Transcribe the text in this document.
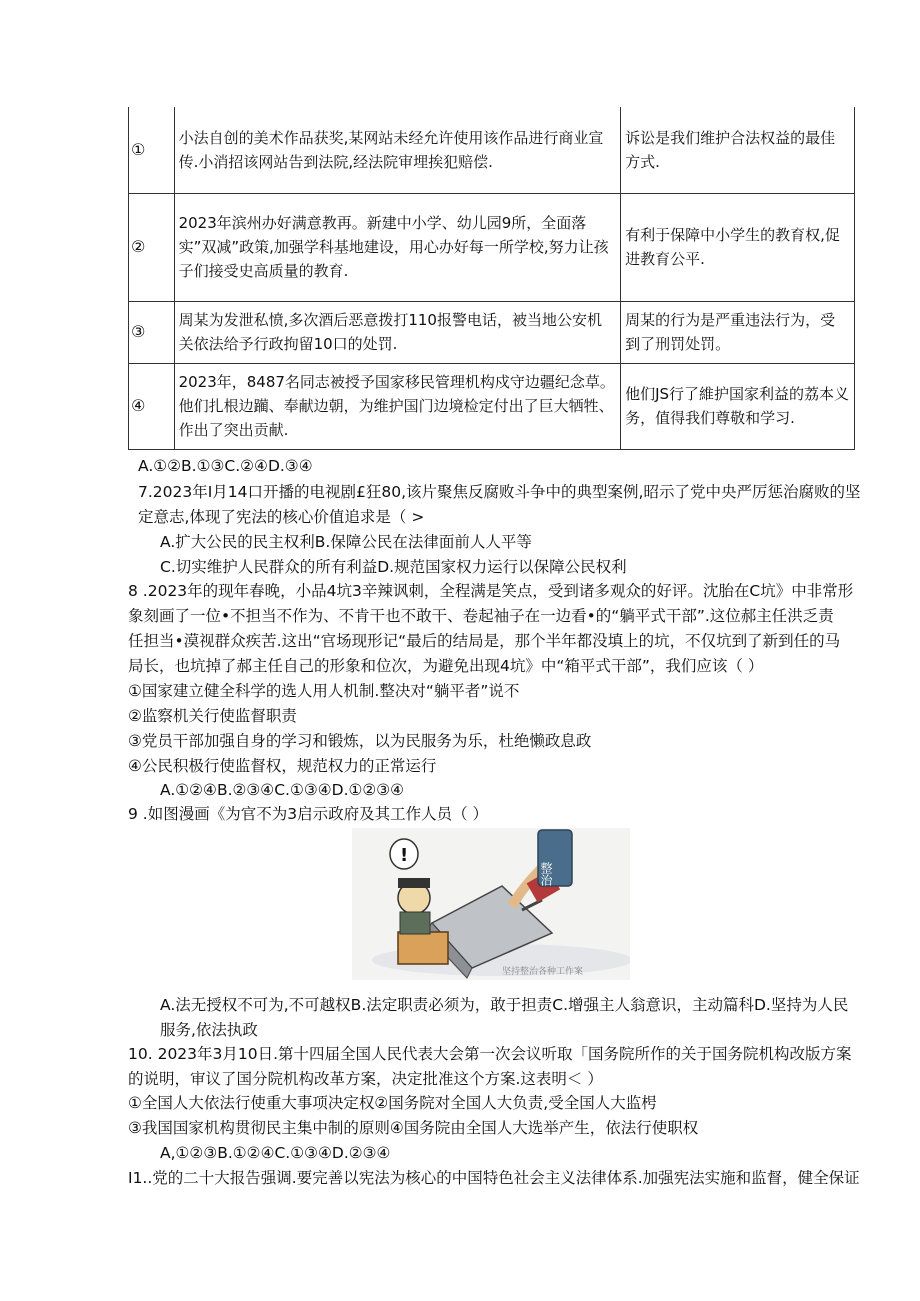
①	小法自创的美术作品获奖,某网站未经允许使用该作品进行商业宣传.小消招该网站告到法院,经法院审埋挨犯赔偿.	诉讼是我们维护合法权益的最佳方式.
②	2023年滨州办好满意教再。新建中小学、幼儿园9所，全面落实”双减”政策,加强学科基地建设，用心办好每一所学校,努力让孩子们接受史高质量的教育.	有利于保障中小学生的教育权,促进教育公平.
③	周某为发泄私愤,多次酒后恶意拨打110报警电话，被当地公安机关依法给予行政拘留10口的处罚.	周某的行为是严重违法行为，受到了刑罚处罚。
④	2023年，8487名同志被授予国家移民管理机构戍守边疆纪念草。他们扎根边躏、奉献边朝，为维护国门边境检定付出了巨大牺牲、作出了突出贡献.	他们JS行了維护国家利益的荔本义务，值得我们尊敬和学习.
A.①②B.①③C.②④D.③④
7.2023年I月14口开播的电视剧£狂80,该片聚焦反腐败斗争中的典型案例,昭示了党中央严厉惩治腐败的坚
定意志,体现了宪法的核心价值追求是（ >
A.扩大公民的民主权利B.保障公民在法律面前人人平等
C.切实维护人民群众的所有利益D.规范国家权力运行以保障公民权利
8 .2023年的现年春晚，小品4坑3辛辣讽刺，全程满是笑点，受到诸多观众的好评。沈胎在C坑》中非常形
象刻画了一位•不担当不作为、不肯干也不敢干、卷起袖子在一边看•的“躺平式干部”.这位郝主任洪乏责
任担当•漠视群众疾苦.这出“官场现形记“最后的结局是，那个半年都没填上的坑，不仅坑到了新到任的马
局长，也坑掉了郝主任自己的形象和位次，为避免出现4坑》中“箱平式干部”，我们应该（ ）
①国家建立健全科学的选人用人机制.整决对“躺平者”说不
②监察机关行使监督职责
③党员干部加强自身的学习和锻炼，以为民服务为乐，杜绝懒政息政
④公民积极行使监督权，规范权力的正常运行
A.①②④B.②③④C.①③④D.①②③④
9 .如图漫画《为官不为3启示政府及其工作人员（ ）
!
整治
坚持整治各种工作案
A.法无授权不可为,不可越权B.法定职责必须为，敢于担责C.增强主人翁意识，主动篇科D.坚持为人民
服务,依法执政
10. 2023年3月10日.第十四届全国人民代表大会第一次会议听取「国务院所作的关于国务院机构改版方案
的说明，审议了国分院机构改革方案，决定批准这个方案.这表明＜ ）
①全国人大依法行使重大事项决定权②国务院对全国人大负责,受全国人大监枵
③我国国家机构贯彻民主集中制的原则④国务院由全国人大选举产生，依法行使职权
A,①②③B.①②④C.①③④D.②③④
I1..党的二十大报告强调.要完善以宪法为核心的中国特色社会主义法律体系.加强宪法实施和监督，健全保证
